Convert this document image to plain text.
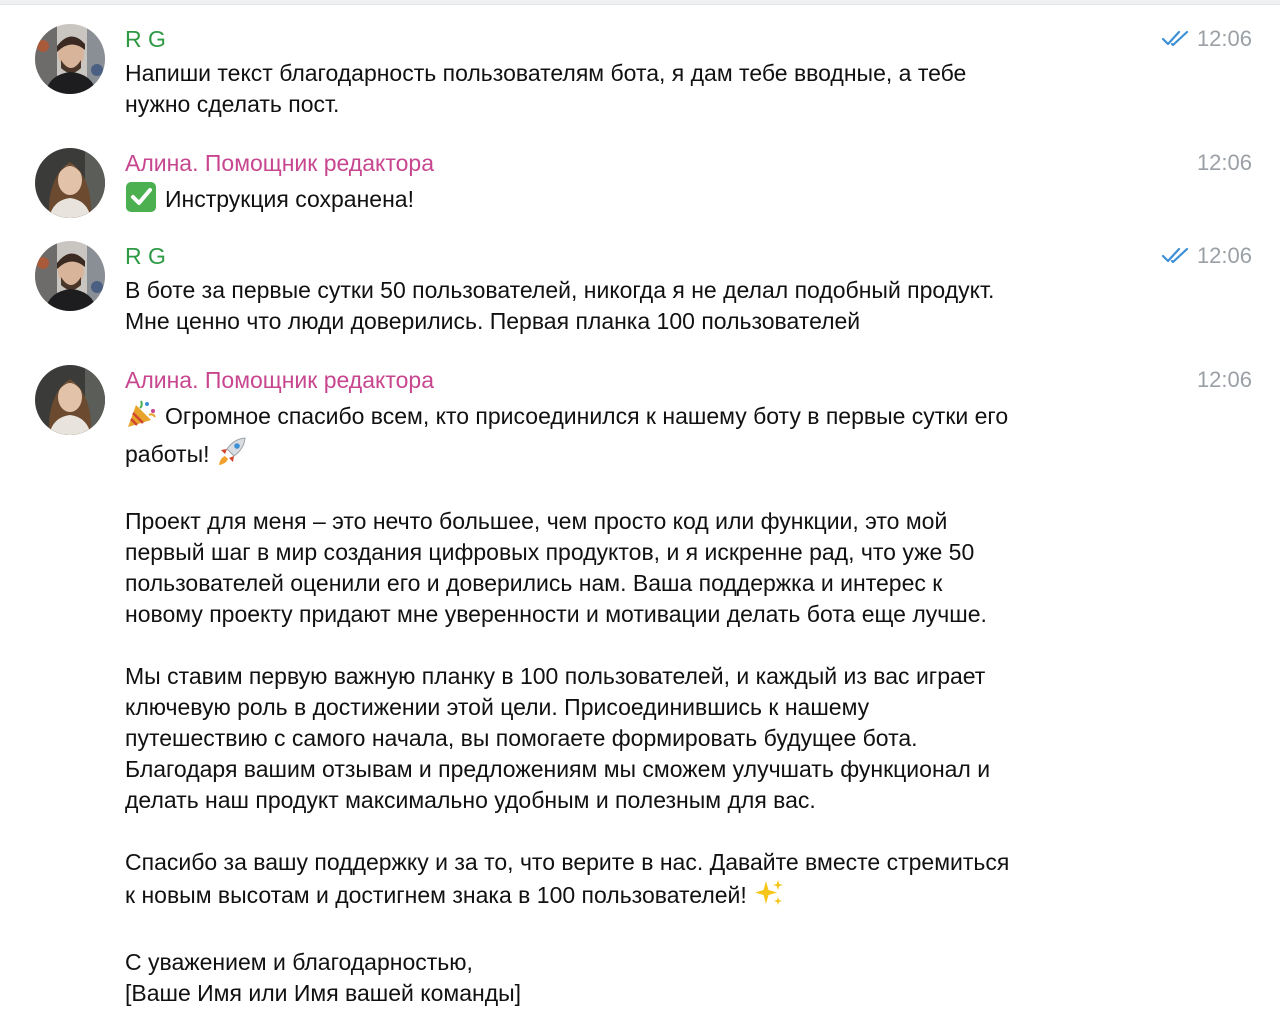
R G	12:06
Напиши текст благодарность пользователям бота, я дам тебе вводные, а тебе
нужно сделать пост.
Алина. Помощник редактора	12:06
Инструкция сохранена!
R G	12:06
В боте за первые сутки 50 пользователей, никогда я не делал подобный продукт.
Мне ценно что люди доверились. Первая планка 100 пользователей
Алина. Помощник редактора	12:06
Огромное спасибо всем, кто присоединился к нашему боту в первые сутки его
работы!
Проект для меня – это нечто большее, чем просто код или функции, это мой
первый шаг в мир создания цифровых продуктов, и я искренне рад, что уже 50
пользователей оценили его и доверились нам. Ваша поддержка и интерес к
новому проекту придают мне уверенности и мотивации делать бота еще лучше.
Мы ставим первую важную планку в 100 пользователей, и каждый из вас играет
ключевую роль в достижении этой цели. Присоединившись к нашему
путешествию с самого начала, вы помогаете формировать будущее бота.
Благодаря вашим отзывам и предложениям мы сможем улучшать функционал и
делать наш продукт максимально удобным и полезным для вас.
Спасибо за вашу поддержку и за то, что верите в нас. Давайте вместе стремиться
к новым высотам и достигнем знака в 100 пользователей!
С уважением и благодарностью,
[Ваше Имя или Имя вашей команды]
